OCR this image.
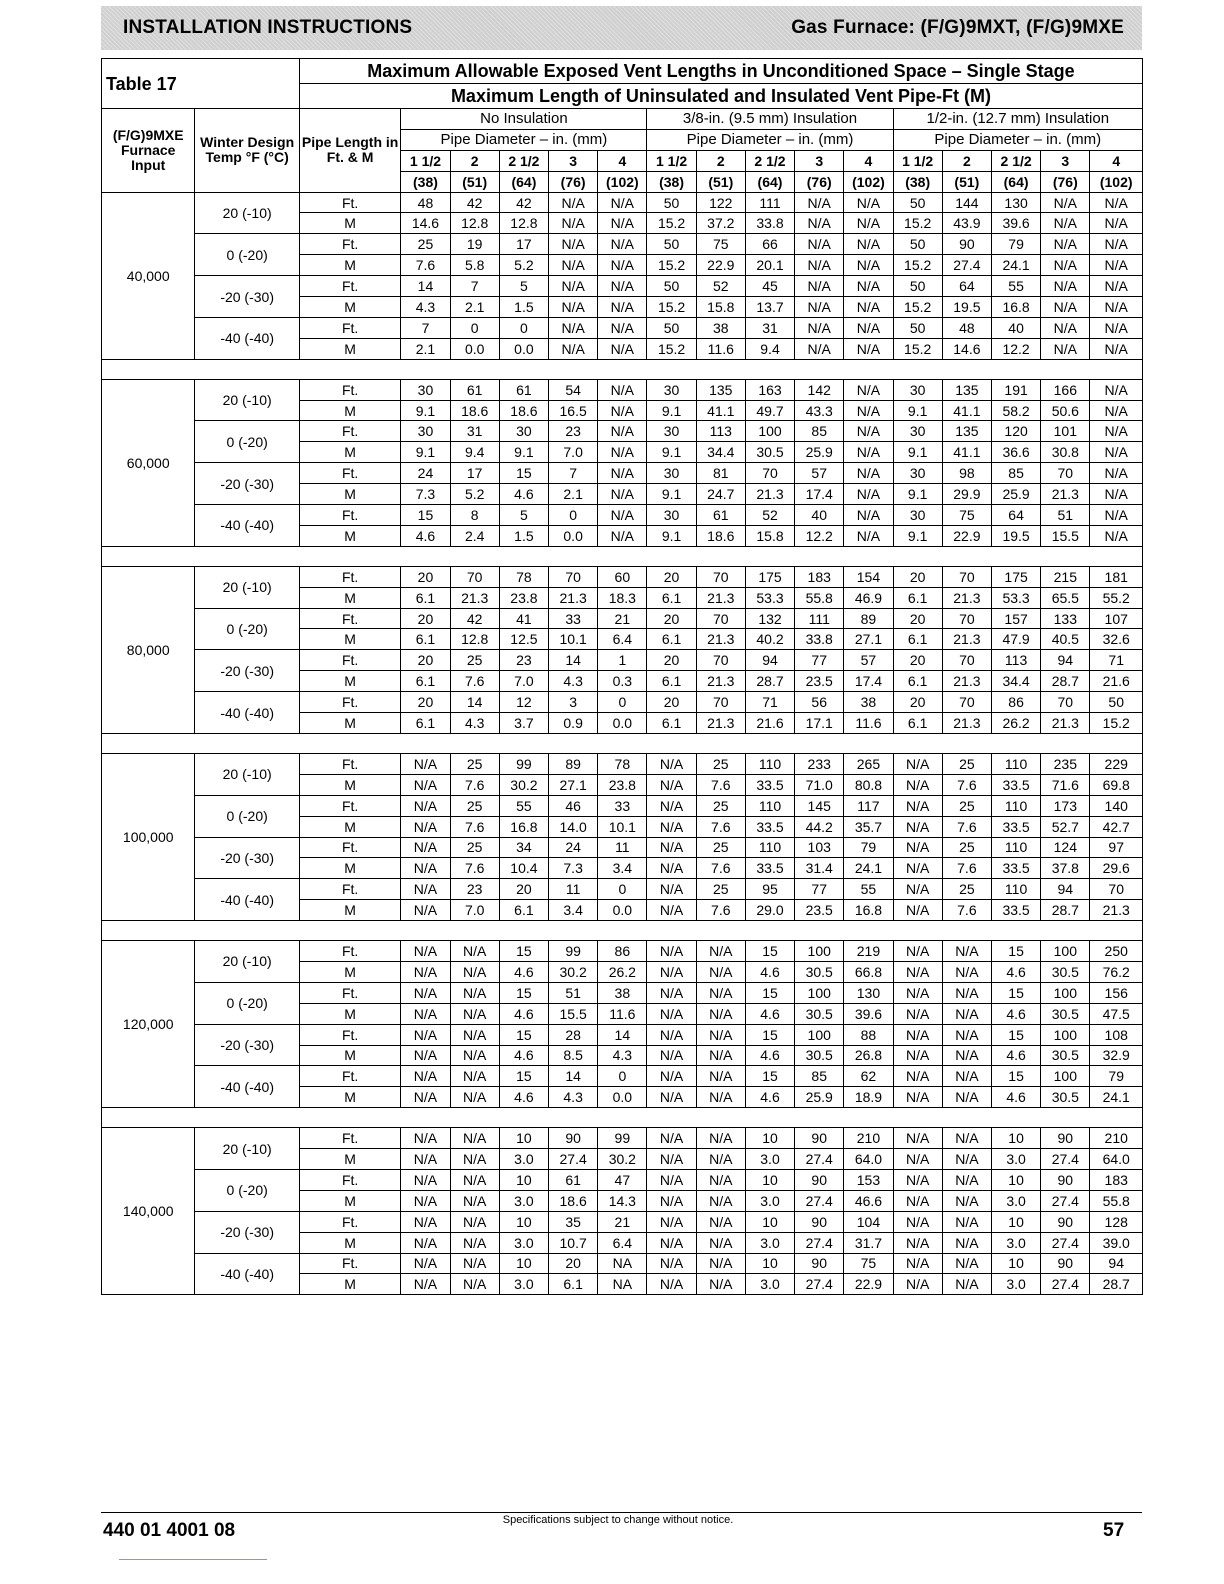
INSTALLATION INSTRUCTIONS	Gas Furnace: (F/G)9MXT, (F/G)9MXE
Table 17		Maximum Allowable Exposed Vent Lengths in Unconditioned Space – Single Stage															
		Maximum Length of Uninsulated and Insulated Vent Pipe-Ft (M)															
(F/G)9MXE Furnace Input	Winter Design Temp °F (°C)	Pipe Length in Ft. & M	No Insulation					3/8-in. (9.5 mm) Insulation					1/2-in. (12.7 mm) Insulation				
			Pipe Diameter – in. (mm)					Pipe Diameter – in. (mm)					Pipe Diameter – in. (mm)				
			1 1/2	2	2 1/2	3	4	1 1/2	2	2 1/2	3	4	1 1/2	2	2 1/2	3	4
			(38)	(51)	(64)	(76)	(102)	(38)	(51)	(64)	(76)	(102)	(38)	(51)	(64)	(76)	(102)
40,000	20 (-10)	Ft.	48	42	42	N/A	N/A	50	122	111	N/A	N/A	50	144	130	N/A	N/A
		M	14.6	12.8	12.8	N/A	N/A	15.2	37.2	33.8	N/A	N/A	15.2	43.9	39.6	N/A	N/A
	0 (-20)	Ft.	25	19	17	N/A	N/A	50	75	66	N/A	N/A	50	90	79	N/A	N/A
		M	7.6	5.8	5.2	N/A	N/A	15.2	22.9	20.1	N/A	N/A	15.2	27.4	24.1	N/A	N/A
	-20 (-30)	Ft.	14	7	5	N/A	N/A	50	52	45	N/A	N/A	50	64	55	N/A	N/A
		M	4.3	2.1	1.5	N/A	N/A	15.2	15.8	13.7	N/A	N/A	15.2	19.5	16.8	N/A	N/A
	-40 (-40)	Ft.	7	0	0	N/A	N/A	50	38	31	N/A	N/A	50	48	40	N/A	N/A
		M	2.1	0.0	0.0	N/A	N/A	15.2	11.6	9.4	N/A	N/A	15.2	14.6	12.2	N/A	N/A

60,000	20 (-10)	Ft.	30	61	61	54	N/A	30	135	163	142	N/A	30	135	191	166	N/A
		M	9.1	18.6	18.6	16.5	N/A	9.1	41.1	49.7	43.3	N/A	9.1	41.1	58.2	50.6	N/A
	0 (-20)	Ft.	30	31	30	23	N/A	30	113	100	85	N/A	30	135	120	101	N/A
		M	9.1	9.4	9.1	7.0	N/A	9.1	34.4	30.5	25.9	N/A	9.1	41.1	36.6	30.8	N/A
	-20 (-30)	Ft.	24	17	15	7	N/A	30	81	70	57	N/A	30	98	85	70	N/A
		M	7.3	5.2	4.6	2.1	N/A	9.1	24.7	21.3	17.4	N/A	9.1	29.9	25.9	21.3	N/A
	-40 (-40)	Ft.	15	8	5	0	N/A	30	61	52	40	N/A	30	75	64	51	N/A
		M	4.6	2.4	1.5	0.0	N/A	9.1	18.6	15.8	12.2	N/A	9.1	22.9	19.5	15.5	N/A

80,000	20 (-10)	Ft.	20	70	78	70	60	20	70	175	183	154	20	70	175	215	181
		M	6.1	21.3	23.8	21.3	18.3	6.1	21.3	53.3	55.8	46.9	6.1	21.3	53.3	65.5	55.2
	0 (-20)	Ft.	20	42	41	33	21	20	70	132	111	89	20	70	157	133	107
		M	6.1	12.8	12.5	10.1	6.4	6.1	21.3	40.2	33.8	27.1	6.1	21.3	47.9	40.5	32.6
	-20 (-30)	Ft.	20	25	23	14	1	20	70	94	77	57	20	70	113	94	71
		M	6.1	7.6	7.0	4.3	0.3	6.1	21.3	28.7	23.5	17.4	6.1	21.3	34.4	28.7	21.6
	-40 (-40)	Ft.	20	14	12	3	0	20	70	71	56	38	20	70	86	70	50
		M	6.1	4.3	3.7	0.9	0.0	6.1	21.3	21.6	17.1	11.6	6.1	21.3	26.2	21.3	15.2

100,000	20 (-10)	Ft.	N/A	25	99	89	78	N/A	25	110	233	265	N/A	25	110	235	229
		M	N/A	7.6	30.2	27.1	23.8	N/A	7.6	33.5	71.0	80.8	N/A	7.6	33.5	71.6	69.8
	0 (-20)	Ft.	N/A	25	55	46	33	N/A	25	110	145	117	N/A	25	110	173	140
		M	N/A	7.6	16.8	14.0	10.1	N/A	7.6	33.5	44.2	35.7	N/A	7.6	33.5	52.7	42.7
	-20 (-30)	Ft.	N/A	25	34	24	11	N/A	25	110	103	79	N/A	25	110	124	97
		M	N/A	7.6	10.4	7.3	3.4	N/A	7.6	33.5	31.4	24.1	N/A	7.6	33.5	37.8	29.6
	-40 (-40)	Ft.	N/A	23	20	11	0	N/A	25	95	77	55	N/A	25	110	94	70
		M	N/A	7.0	6.1	3.4	0.0	N/A	7.6	29.0	23.5	16.8	N/A	7.6	33.5	28.7	21.3

120,000	20 (-10)	Ft.	N/A	N/A	15	99	86	N/A	N/A	15	100	219	N/A	N/A	15	100	250
		M	N/A	N/A	4.6	30.2	26.2	N/A	N/A	4.6	30.5	66.8	N/A	N/A	4.6	30.5	76.2
	0 (-20)	Ft.	N/A	N/A	15	51	38	N/A	N/A	15	100	130	N/A	N/A	15	100	156
		M	N/A	N/A	4.6	15.5	11.6	N/A	N/A	4.6	30.5	39.6	N/A	N/A	4.6	30.5	47.5
	-20 (-30)	Ft.	N/A	N/A	15	28	14	N/A	N/A	15	100	88	N/A	N/A	15	100	108
		M	N/A	N/A	4.6	8.5	4.3	N/A	N/A	4.6	30.5	26.8	N/A	N/A	4.6	30.5	32.9
	-40 (-40)	Ft.	N/A	N/A	15	14	0	N/A	N/A	15	85	62	N/A	N/A	15	100	79
		M	N/A	N/A	4.6	4.3	0.0	N/A	N/A	4.6	25.9	18.9	N/A	N/A	4.6	30.5	24.1

140,000	20 (-10)	Ft.	N/A	N/A	10	90	99	N/A	N/A	10	90	210	N/A	N/A	10	90	210
		M	N/A	N/A	3.0	27.4	30.2	N/A	N/A	3.0	27.4	64.0	N/A	N/A	3.0	27.4	64.0
	0 (-20)	Ft.	N/A	N/A	10	61	47	N/A	N/A	10	90	153	N/A	N/A	10	90	183
		M	N/A	N/A	3.0	18.6	14.3	N/A	N/A	3.0	27.4	46.6	N/A	N/A	3.0	27.4	55.8
	-20 (-30)	Ft.	N/A	N/A	10	35	21	N/A	N/A	10	90	104	N/A	N/A	10	90	128
		M	N/A	N/A	3.0	10.7	6.4	N/A	N/A	3.0	27.4	31.7	N/A	N/A	3.0	27.4	39.0
	-40 (-40)	Ft.	N/A	N/A	10	20	NA	N/A	N/A	10	90	75	N/A	N/A	10	90	94
		M	N/A	N/A	3.0	6.1	NA	N/A	N/A	3.0	27.4	22.9	N/A	N/A	3.0	27.4	28.7
440 01 4001 08	Specifications subject to change without notice.	57
